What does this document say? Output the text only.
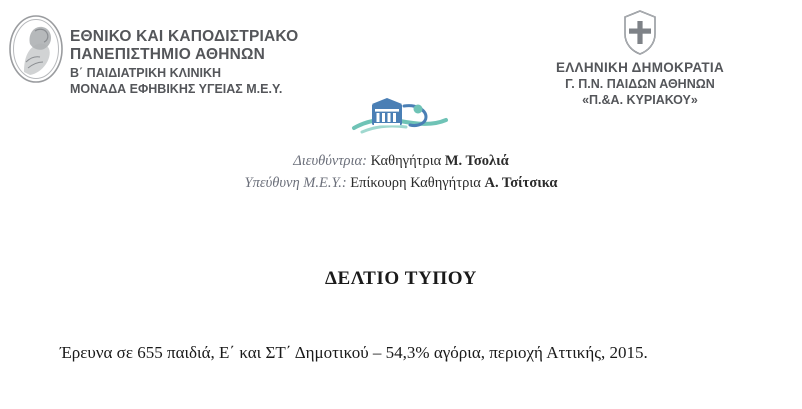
ΕΘΝΙΚΟ ΚΑΙ ΚΑΠΟΔΙΣΤΡΙΑΚΟ
ΠΑΝΕΠΙΣΤΗΜΙΟ ΑΘΗΝΩΝ
Β΄ ΠΑΙΔΙΑΤΡΙΚΗ ΚΛΙΝΙΚΗ
ΜΟΝΑΔΑ ΕΦΗΒΙΚΗΣ ΥΓΕΙΑΣ Μ.Ε.Υ.
ΕΛΛΗΝΙΚΗ ΔΗΜΟΚΡΑΤΙΑ
Γ. Π.Ν. ΠΑΙΔΩΝ ΑΘΗΝΩΝ
«Π.&Α. ΚΥΡΙΑΚΟΥ»
Διευθύντρια: Καθηγήτρια Μ. Τσολιά
Υπεύθυνη Μ.Ε.Υ.: Επίκουρη Καθηγήτρια Α. Τσίτσικα
ΔΕΛΤΙΟ ΤΥΠΟΥ
Έρευνα σε 655 παιδιά, Ε΄ και ΣΤ΄ Δημοτικού – 54,3% αγόρια, περιοχή Αττικής, 2015.
